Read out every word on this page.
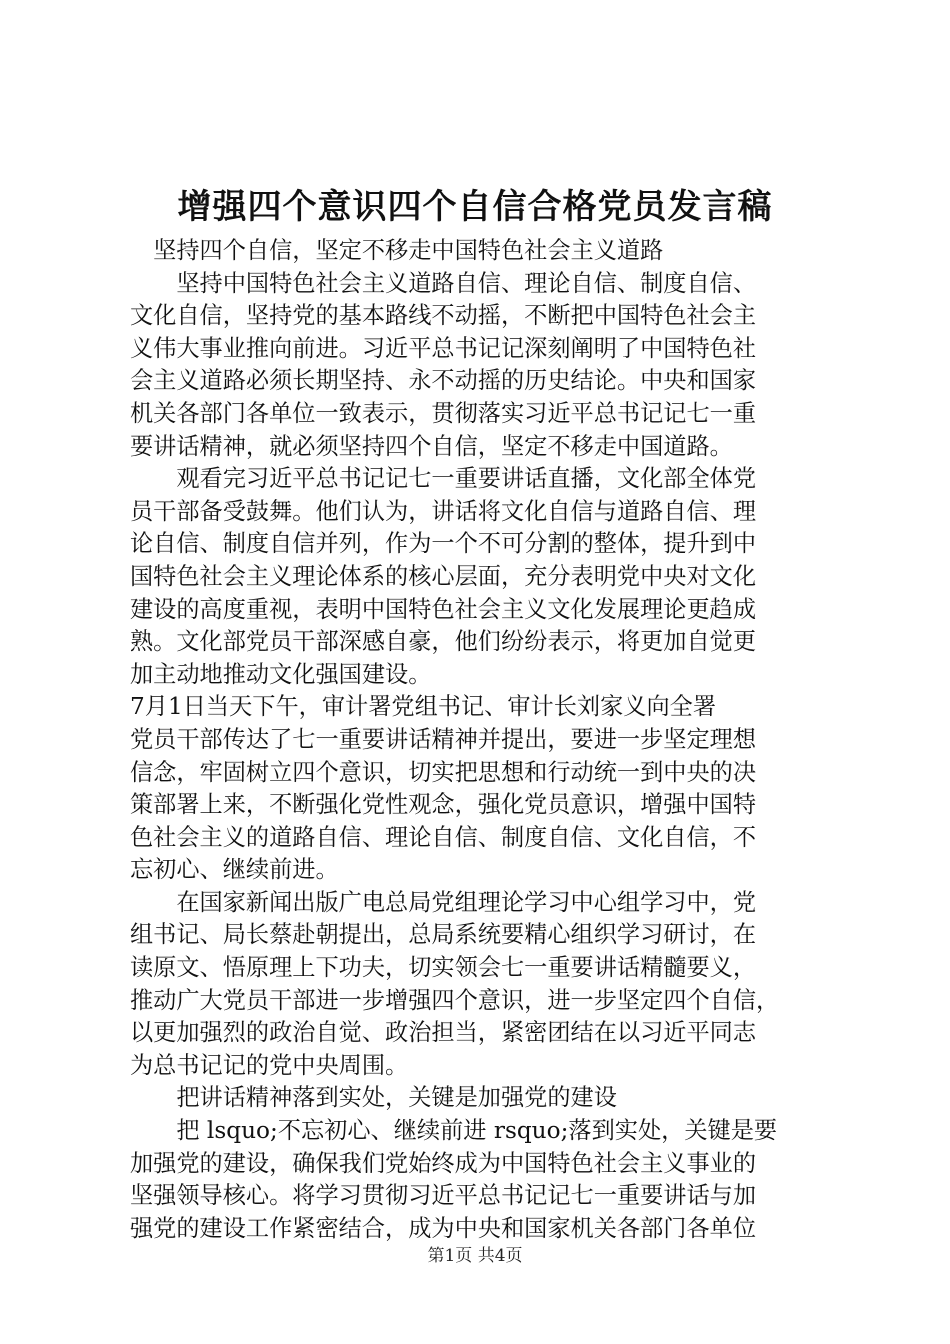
增强四个意识四个自信合格党员发言稿
　坚持四个自信，坚定不移走中国特色社会主义道路
　　坚持中国特色社会主义道路自信、理论自信、制度自信、
文化自信，坚持党的基本路线不动摇，不断把中国特色社会主
义伟大事业推向前进。习近平总书记记深刻阐明了中国特色社
会主义道路必须长期坚持、永不动摇的历史结论。中央和国家
机关各部门各单位一致表示，贯彻落实习近平总书记记七一重
要讲话精神，就必须坚持四个自信，坚定不移走中国道路。
　　观看完习近平总书记记七一重要讲话直播，文化部全体党
员干部备受鼓舞。他们认为，讲话将文化自信与道路自信、理
论自信、制度自信并列，作为一个不可分割的整体，提升到中
国特色社会主义理论体系的核心层面，充分表明党中央对文化
建设的高度重视，表明中国特色社会主义文化发展理论更趋成
熟。文化部党员干部深感自豪，他们纷纷表示，将更加自觉更
加主动地推动文化强国建设。
7月1日当天下午，审计署党组书记、审计长刘家义向全署
党员干部传达了七一重要讲话精神并提出，要进一步坚定理想
信念，牢固树立四个意识，切实把思想和行动统一到中央的决
策部署上来，不断强化党性观念，强化党员意识，增强中国特
色社会主义的道路自信、理论自信、制度自信、文化自信，不
忘初心、继续前进。
　　在国家新闻出版广电总局党组理论学习中心组学习中，党
组书记、局长蔡赴朝提出，总局系统要精心组织学习研讨，在
读原文、悟原理上下功夫，切实领会七一重要讲话精髓要义，
推动广大党员干部进一步增强四个意识，进一步坚定四个自信，
以更加强烈的政治自觉、政治担当，紧密团结在以习近平同志
为总书记记的党中央周围。
　　把讲话精神落到实处，关键是加强党的建设
　　把 lsquo;不忘初心、继续前进 rsquo;落到实处，关键是要
加强党的建设，确保我们党始终成为中国特色社会主义事业的
坚强领导核心。将学习贯彻习近平总书记记七一重要讲话与加
强党的建设工作紧密结合，成为中央和国家机关各部门各单位
第1页 共4页
